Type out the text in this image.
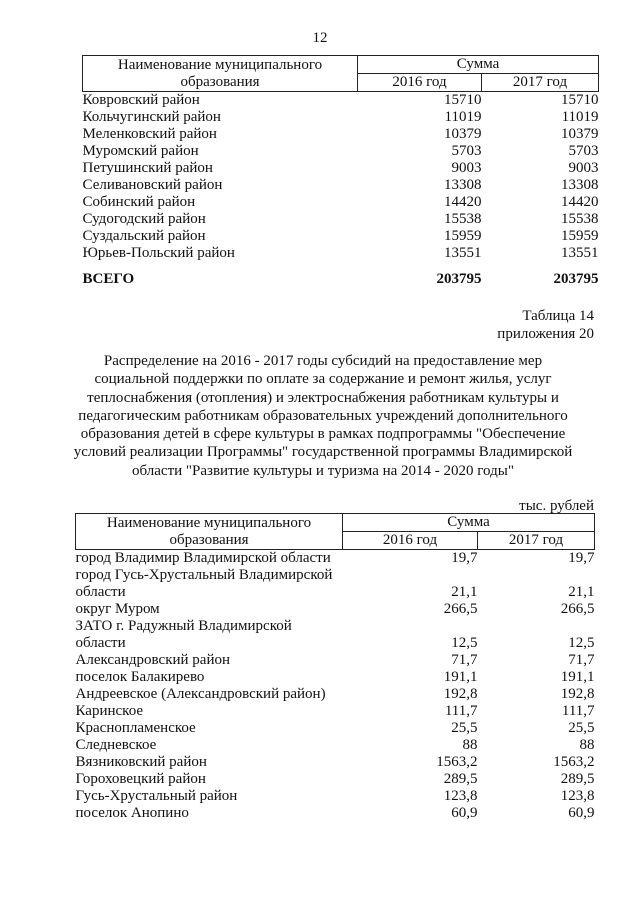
12
Наименование муниципального	Сумма	
образования	2016 год	2017 год
Ковровский район	15710	15710
Кольчугинский район	11019	11019
Меленковский район	10379	10379
Муромский район	5703	5703
Петушинский район	9003	9003
Селивановский район	13308	13308
Собинский район	14420	14420
Судогодский район	15538	15538
Суздальский район	15959	15959
Юрьев-Польский район	13551	13551

ВСЕГО	203795	203795
Таблица 14
приложения 20
Распределение на 2016 - 2017 годы субсидий на предоставление мер
социальной поддержки по оплате за содержание и ремонт жилья, услуг
теплоснабжения (отопления) и электроснабжения работникам культуры и
педагогическим работникам образовательных учреждений дополнительного
образования детей в сфере культуры в рамках подпрограммы "Обеспечение
условий реализации Программы" государственной программы Владимирской
области "Развитие культуры и туризма на 2014 - 2020 годы"
тыс. рублей
Наименование муниципального	Сумма	
образования	2016 год	2017 год
город Владимир Владимирской области	19,7	19,7
город Гусь-Хрустальный Владимирской		
области	21,1	21,1
округ Муром	266,5	266,5
ЗАТО г. Радужный Владимирской		
области	12,5	12,5
Александровский район	71,7	71,7
поселок Балакирево	191,1	191,1
Андреевское (Александровский район)	192,8	192,8
Каринское	111,7	111,7
Краснопламенское	25,5	25,5
Следневское	88	88
Вязниковский район	1563,2	1563,2
Гороховецкий район	289,5	289,5
Гусь-Хрустальный район	123,8	123,8
поселок Анопино	60,9	60,9
